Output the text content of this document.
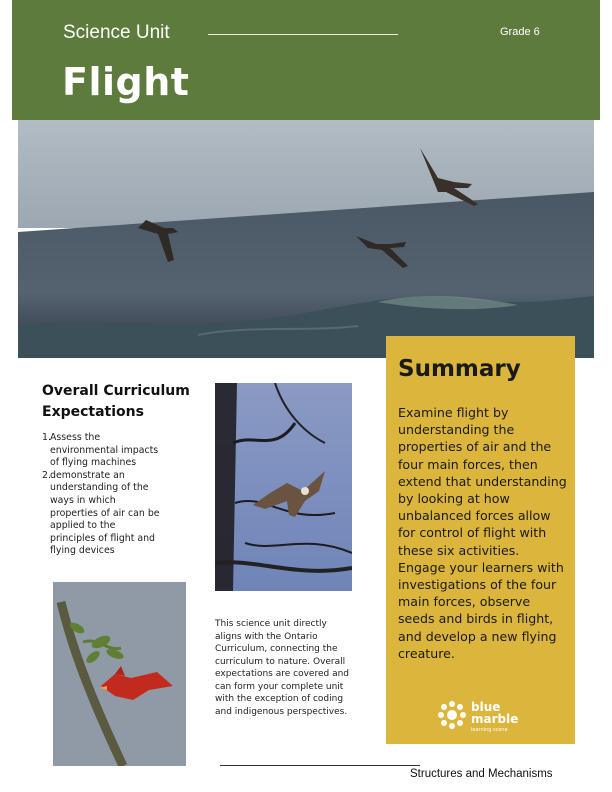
Science Unit	Grade 6
Flight
Summary
Examine flight by understanding the properties of air and the four main forces, then extend that understanding by looking at how unbalanced forces allow for control of flight with these six activities. Engage your learners with investigations of the four main forces, observe seeds and birds in flight, and develop a new flying creature.
blue
marble
learning scene
Overall Curriculum Expectations
1. Assess the environmental impacts of flying machines
2. demonstrate an understanding of the ways in which properties of air can be applied to the principles of flight and flying devices
This science unit directly aligns with the Ontario Curriculum, connecting the curriculum to nature. Overall expectations are covered and can form your complete unit with the exception of coding and indigenous perspectives.
Structures and Mechanisms
